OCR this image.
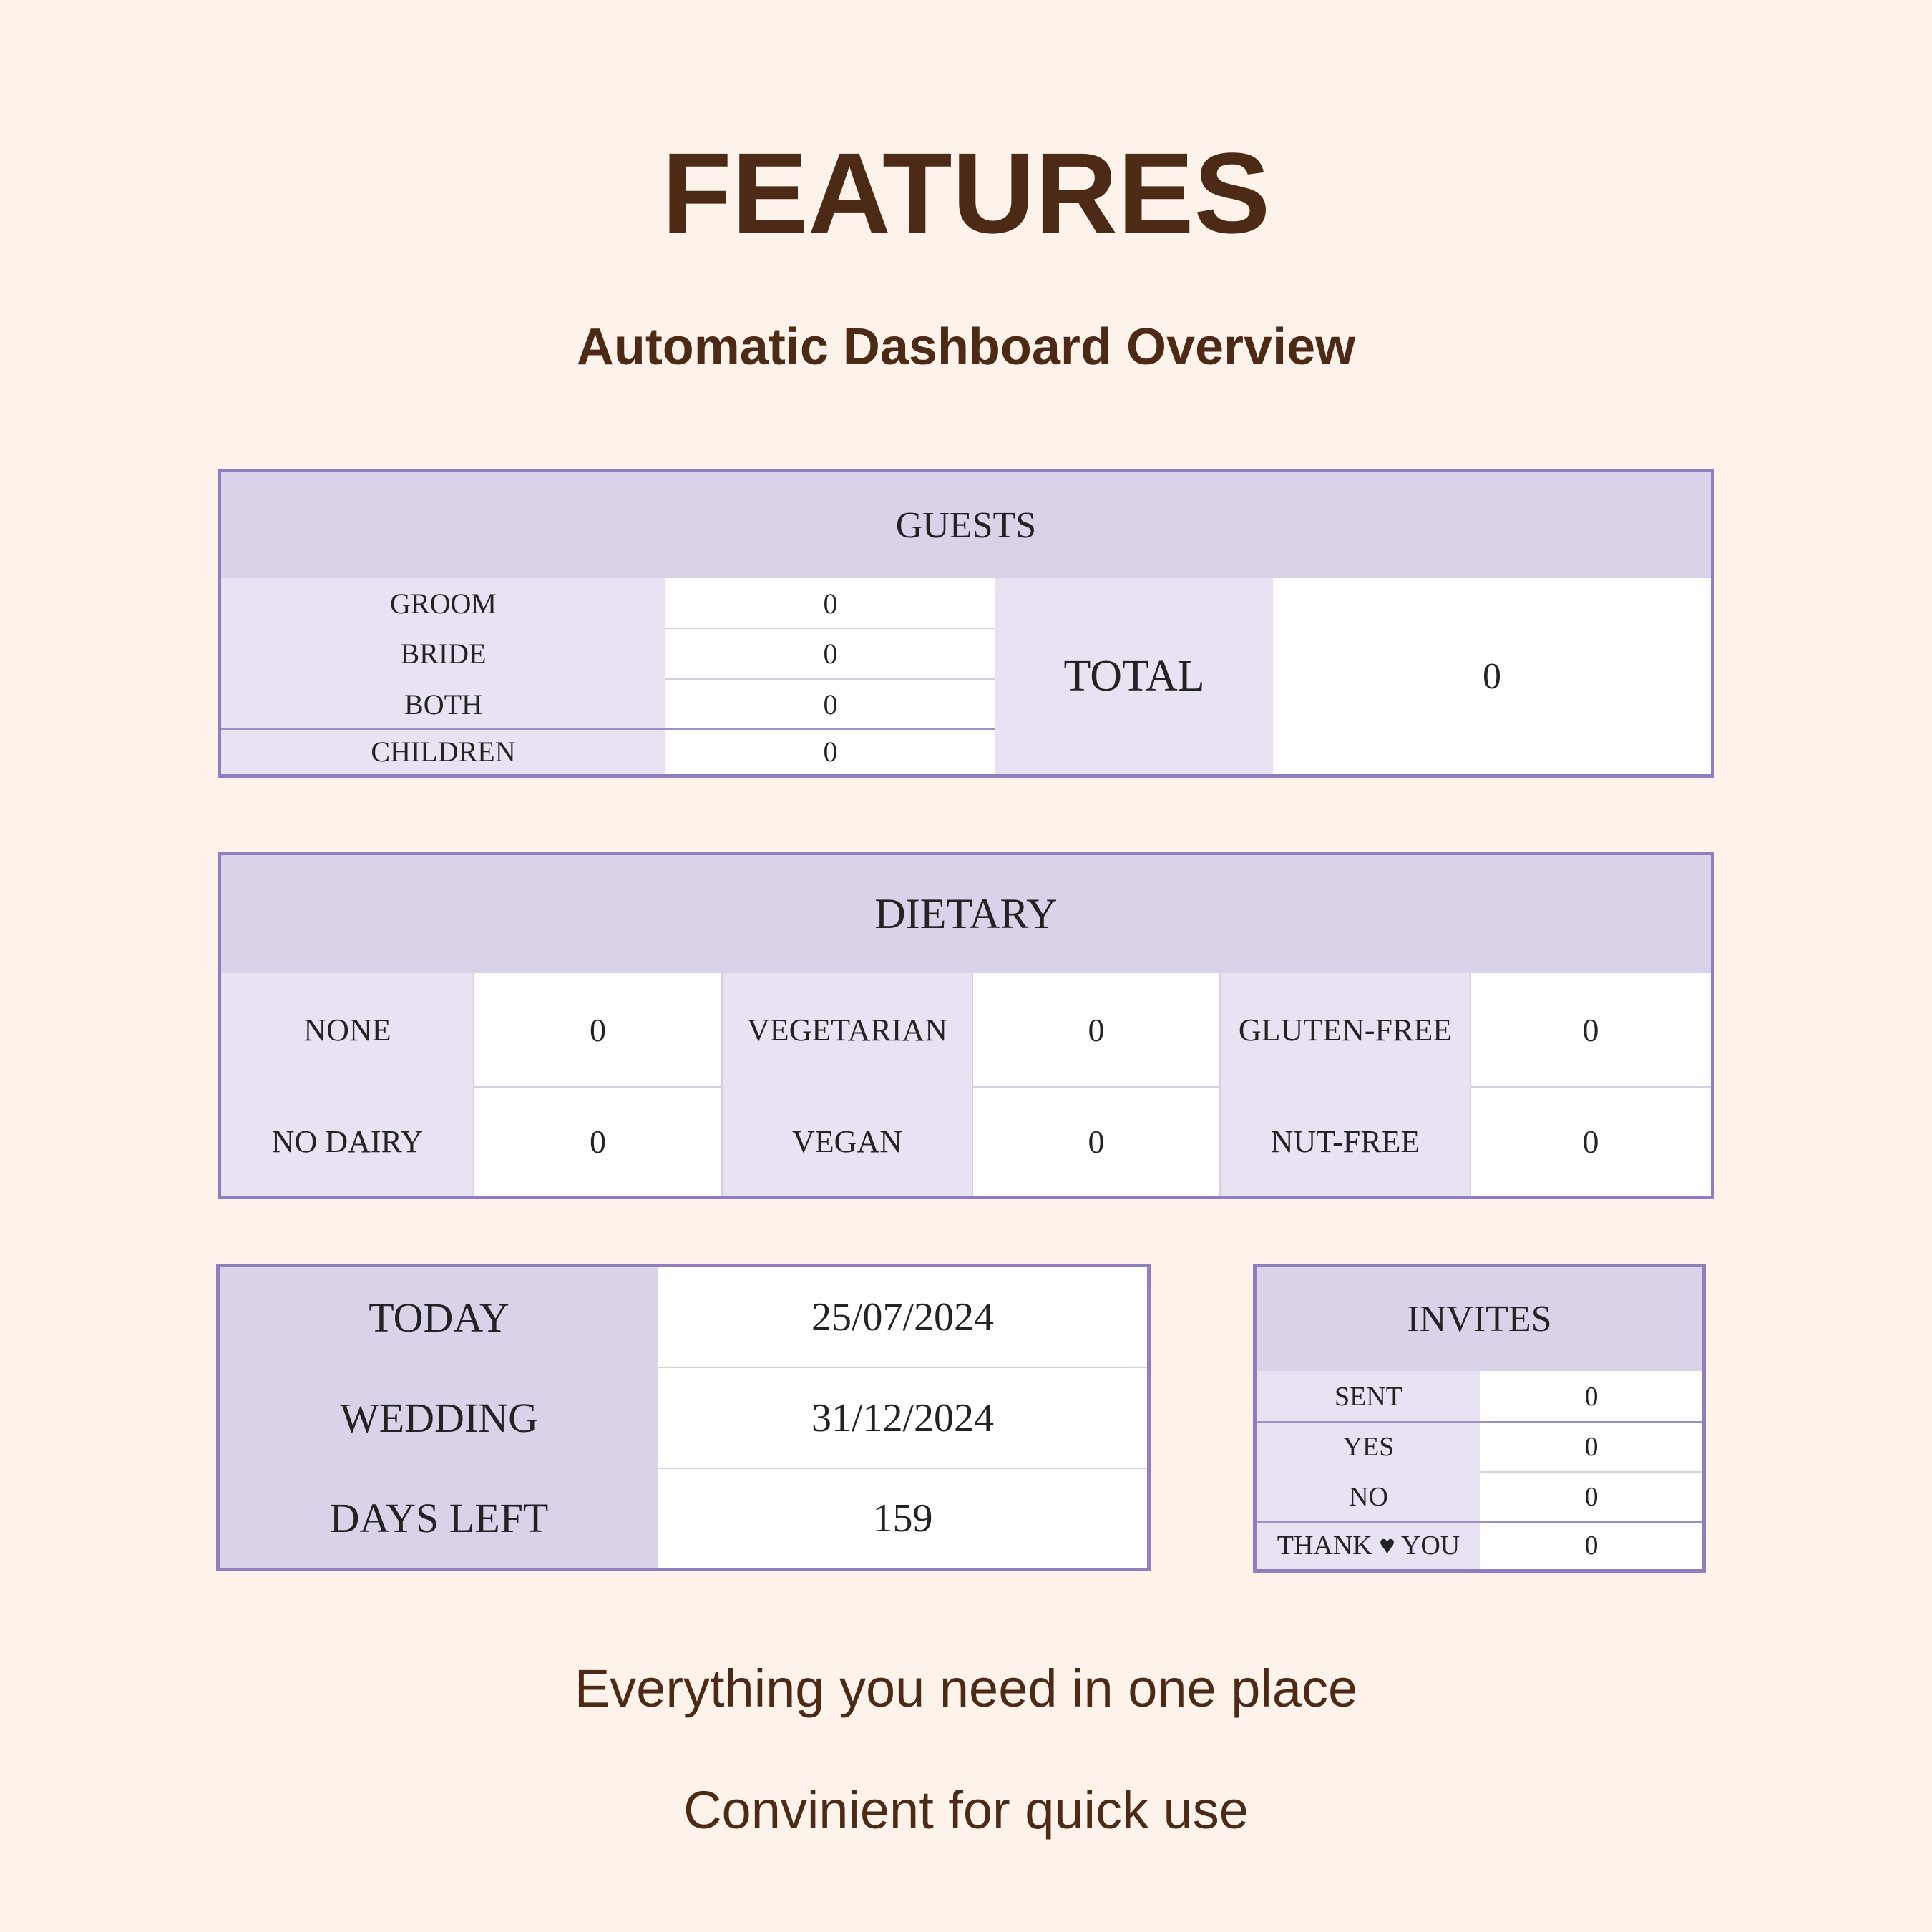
FEATURES
Automatic Dashboard Overview
GUESTS
GROOM	0
BRIDE	0
BOTH	0
CHILDREN	0
TOTAL	0
DIETARY
NONE	0	VEGETARIAN	0	GLUTEN-FREE	0
NO DAIRY	0	VEGAN	0	NUT-FREE	0
TODAY	25/07/2024
WEDDING	31/12/2024
DAYS LEFT	159
INVITES
SENT	0
YES	0
NO	0
THANK ♥ YOU	0

Everything you need in one place

Convinient for quick use
